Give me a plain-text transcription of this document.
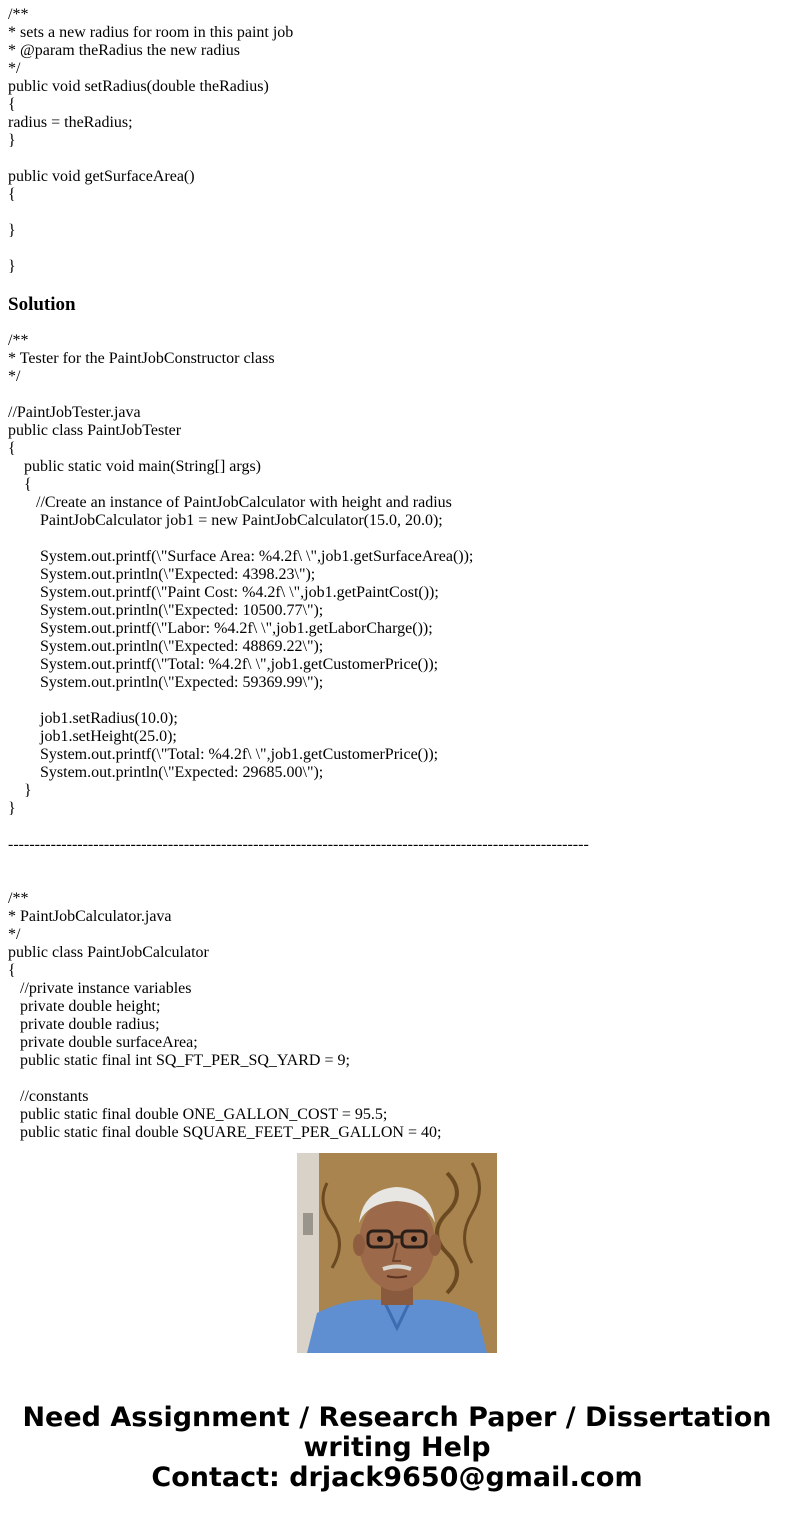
/**
* sets a new radius for room in this paint job
* @param theRadius the new radius
*/
public void setRadius(double theRadius)
{
radius = theRadius;
}

public void getSurfaceArea()
{

}

}
Solution
/**
* Tester for the PaintJobConstructor class
*/

//PaintJobTester.java
public class PaintJobTester
{
public static void main(String[] args)
{
//Create an instance of PaintJobCalculator with height and radius
PaintJobCalculator job1 = new PaintJobCalculator(15.0, 20.0);

System.out.printf(\"Surface Area: %4.2f\ \",job1.getSurfaceArea());
System.out.println(\"Expected: 4398.23\");
System.out.printf(\"Paint Cost: %4.2f\ \",job1.getPaintCost());
System.out.println(\"Expected: 10500.77\");
System.out.printf(\"Labor: %4.2f\ \",job1.getLaborCharge());
System.out.println(\"Expected: 48869.22\");
System.out.printf(\"Total: %4.2f\ \",job1.getCustomerPrice());
System.out.println(\"Expected: 59369.99\");

job1.setRadius(10.0);
job1.setHeight(25.0);
System.out.printf(\"Total: %4.2f\ \",job1.getCustomerPrice());
System.out.println(\"Expected: 29685.00\");
}
}
-------------------------------------------------------------------------------------------------------------
/**
* PaintJobCalculator.java
*/
public class PaintJobCalculator
{
//private instance variables
private double height;
private double radius;
private double surfaceArea;
public static final int SQ_FT_PER_SQ_YARD = 9;

//constants
public static final double ONE_GALLON_COST = 95.5;
public static final double SQUARE_FEET_PER_GALLON = 40;
Need Assignment / Research Paper / Dissertation
writing Help
Contact: drjack9650@gmail.com
